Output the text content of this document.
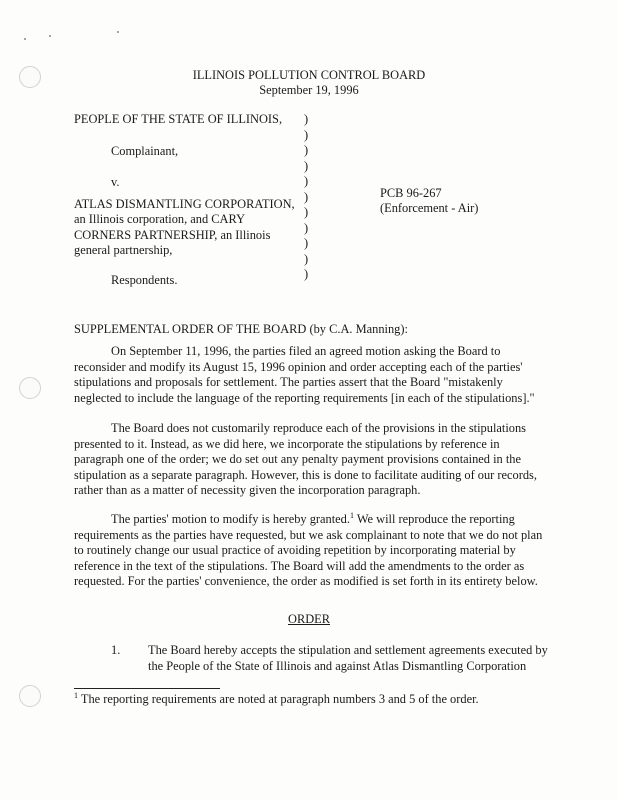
ILLINOIS POLLUTION CONTROL BOARD
September 19, 1996
PEOPLE OF THE STATE OF ILLINOIS,
Complainant,
v.
ATLAS DISMANTLING CORPORATION,
an Illinois corporation, and CARY
CORNERS PARTNERSHIP, an Illinois
general partnership,
Respondents.
)
)
)
)
)
)
)
)
)
)
)
PCB 96-267
(Enforcement - Air)
SUPPLEMENTAL ORDER OF THE BOARD (by C.A. Manning):

On September 11, 1996, the parties filed an agreed motion asking the Board to reconsider and modify its August 15, 1996 opinion and order accepting each of the parties' stipulations and proposals for settlement. The parties assert that the Board "mistakenly neglected to include the language of the reporting requirements [in each of the stipulations]."

The Board does not customarily reproduce each of the provisions in the stipulations presented to it. Instead, as we did here, we incorporate the stipulations by reference in paragraph one of the order; we do set out any penalty payment provisions contained in the stipulation as a separate paragraph. However, this is done to facilitate auditing of our records, rather than as a matter of necessity given the incorporation paragraph.

The parties' motion to modify is hereby granted.$^1$ We will reproduce the reporting requirements as the parties have requested, but we ask complainant to note that we do not plan to routinely change our usual practice of avoiding repetition by incorporating material by reference in the text of the stipulations. The Board will add the amendments to the order as requested. For the parties' convenience, the order as modified is set forth in its entirety below.

ORDER
1. The Board hereby accepts the stipulation and settlement agreements executed by
the People of the State of Illinois and against Atlas Dismantling Corporation
$^1$ The reporting requirements are noted at paragraph numbers 3 and 5 of the order.
